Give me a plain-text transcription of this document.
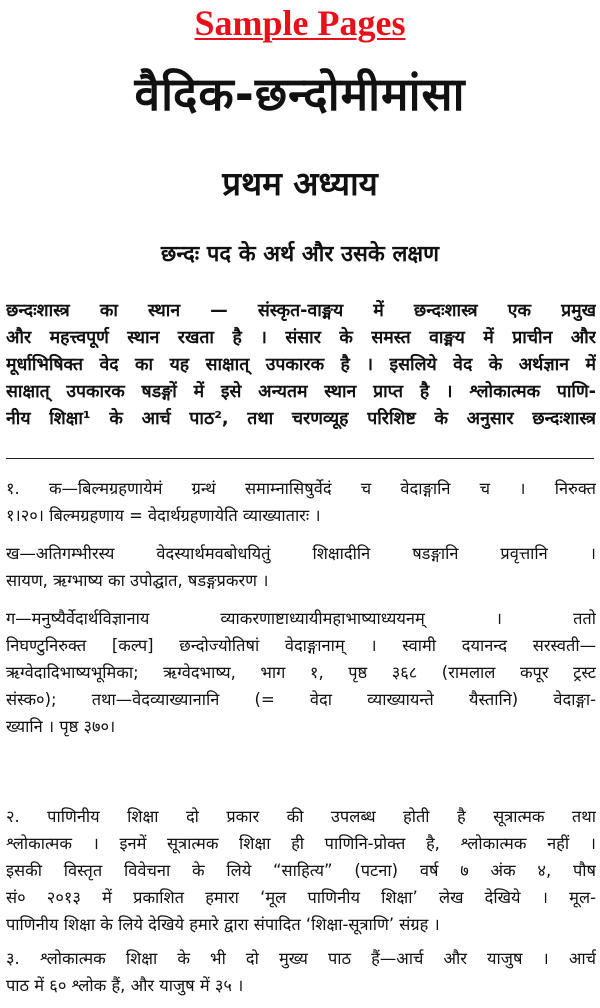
Sample Pages
वैदिक-छन्दोमीमांसा
प्रथम अध्याय
छन्दः पद के अर्थ और उसके लक्षण
छन्दःशास्त्र का स्थान — संस्कृत-वाङ्मय में छन्दःशास्त्र एक प्रमुख
और महत्त्वपूर्ण स्थान रखता है । संसार के समस्त वाङ्मय में प्राचीन और
मूर्धाभिषिक्त वेद का यह साक्षात् उपकारक है । इसलिये वेद के अर्थज्ञान में
साक्षात् उपकारक षडङ्गों में इसे अन्यतम स्थान प्राप्त है । श्लोकात्मक पाणि-
नीय शिक्षा¹ के आर्च पाठ², तथा चरणव्यूह परिशिष्ट के अनुसार छन्दःशास्त्र
१. क—बिल्मग्रहणायेमं ग्रन्थं समाम्नासिषुर्वेदं च वेदाङ्गानि च । निरुक्त
१।२०। बिल्मग्रहणाय = वेदार्थग्रहणायेति व्याख्यातारः ।
ख—अतिगम्भीरस्य वेदस्यार्थमवबोधयितुं शिक्षादीनि षडङ्गानि प्रवृत्तानि ।
सायण, ऋग्भाष्य का उपोद्घात, षडङ्गप्रकरण ।
ग—मनुष्यैर्वेदार्थविज्ञानाय व्याकरणाष्टाध्यायीमहाभाष्याध्ययनम् । ततो
निघण्टुनिरुक्त [कल्प] छन्दोज्योतिषां वेदाङ्गानाम् । स्वामी दयानन्द सरस्वती—
ऋग्वेदादिभाष्यभूमिका; ऋग्वेदभाष्य, भाग १, पृष्ठ ३६८ (रामलाल कपूर ट्रस्ट
संस्क०); तथा—वेदव्याख्यानानि (= वेदा व्याख्यायन्ते यैस्तानि) वेदाङ्गा-
ख्यानि । पृष्ठ ३७०।
२. पाणिनीय शिक्षा दो प्रकार की उपलब्ध होती है सूत्रात्मक तथा
श्लोकात्मक । इनमें सूत्रात्मक शिक्षा ही पाणिनि-प्रोक्त है, श्लोकात्मक नहीं ।
इसकी विस्तृत विवेचना के लिये “साहित्य” (पटना) वर्ष ७ अंक ४, पौष
सं० २०१३ में प्रकाशित हमारा ‘मूल पाणिनीय शिक्षा’ लेख देखिये । मूल-
पाणिनीय शिक्षा के लिये देखिये हमारे द्वारा संपादित ‘शिक्षा-सूत्राणि’ संग्रह ।
३. श्लोकात्मक शिक्षा के भी दो मुख्य पाठ हैं—आर्च और याजुष । आर्च
पाठ में ६० श्लोक हैं, और याजुष में ३५ ।
